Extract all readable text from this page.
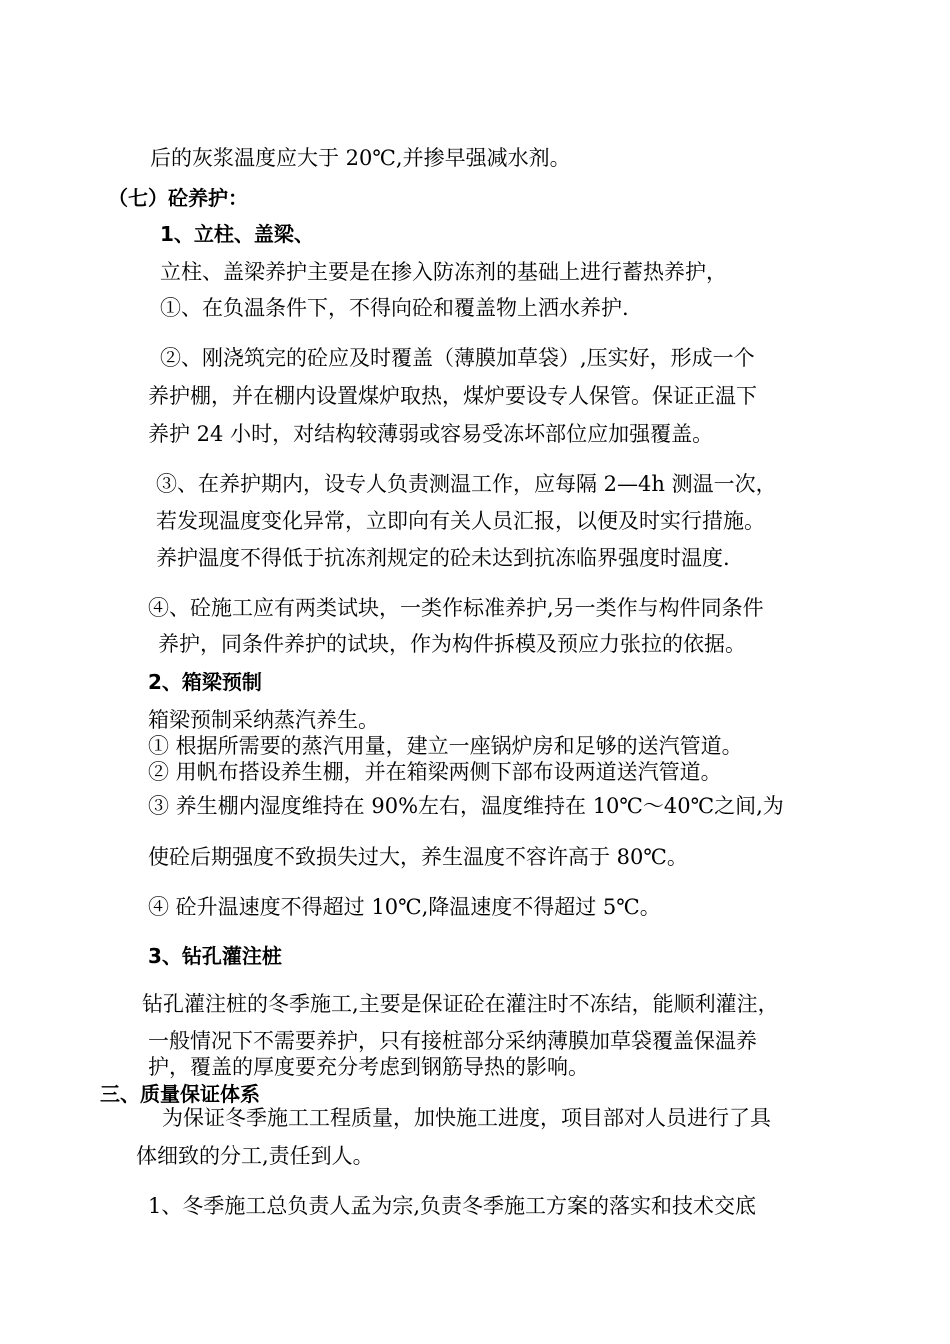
后的灰浆温度应大于 20℃,并掺早强减水剂。
（七）砼养护：
1、立柱、盖梁、
立柱、盖梁养护主要是在掺入防冻剂的基础上进行蓄热养护，
①、在负温条件下，不得向砼和覆盖物上洒水养护.
②、刚浇筑完的砼应及时覆盖（薄膜加草袋）,压实好，形成一个
养护棚，并在棚内设置煤炉取热，煤炉要设专人保管。保证正温下
养护 24 小时，对结构较薄弱或容易受冻坏部位应加强覆盖。
③、在养护期内，设专人负责测温工作，应每隔 2—4h 测温一次，
若发现温度变化异常，立即向有关人员汇报，以便及时实行措施。
养护温度不得低于抗冻剂规定的砼未达到抗冻临界强度时温度.
④、砼施工应有两类试块，一类作标准养护,另一类作与构件同条件
养护，同条件养护的试块，作为构件拆模及预应力张拉的依据。
2、箱梁预制
箱梁预制采纳蒸汽养生。
① 根据所需要的蒸汽用量，建立一座锅炉房和足够的送汽管道。
② 用帆布搭设养生棚，并在箱梁两侧下部布设两道送汽管道。
③ 养生棚内湿度维持在 90%左右，温度维持在 10℃～40℃之间,为
使砼后期强度不致损失过大，养生温度不容许高于 80℃。
④ 砼升温速度不得超过 10℃,降温速度不得超过 5℃。
3、钻孔灌注桩
钻孔灌注桩的冬季施工,主要是保证砼在灌注时不冻结，能顺利灌注，
一般情况下不需要养护，只有接桩部分采纳薄膜加草袋覆盖保温养
护，覆盖的厚度要充分考虑到钢筋导热的影响。
三、质量保证体系
为保证冬季施工工程质量，加快施工进度，项目部对人员进行了具
体细致的分工,责任到人。
1、冬季施工总负责人孟为宗,负责冬季施工方案的落实和技术交底
